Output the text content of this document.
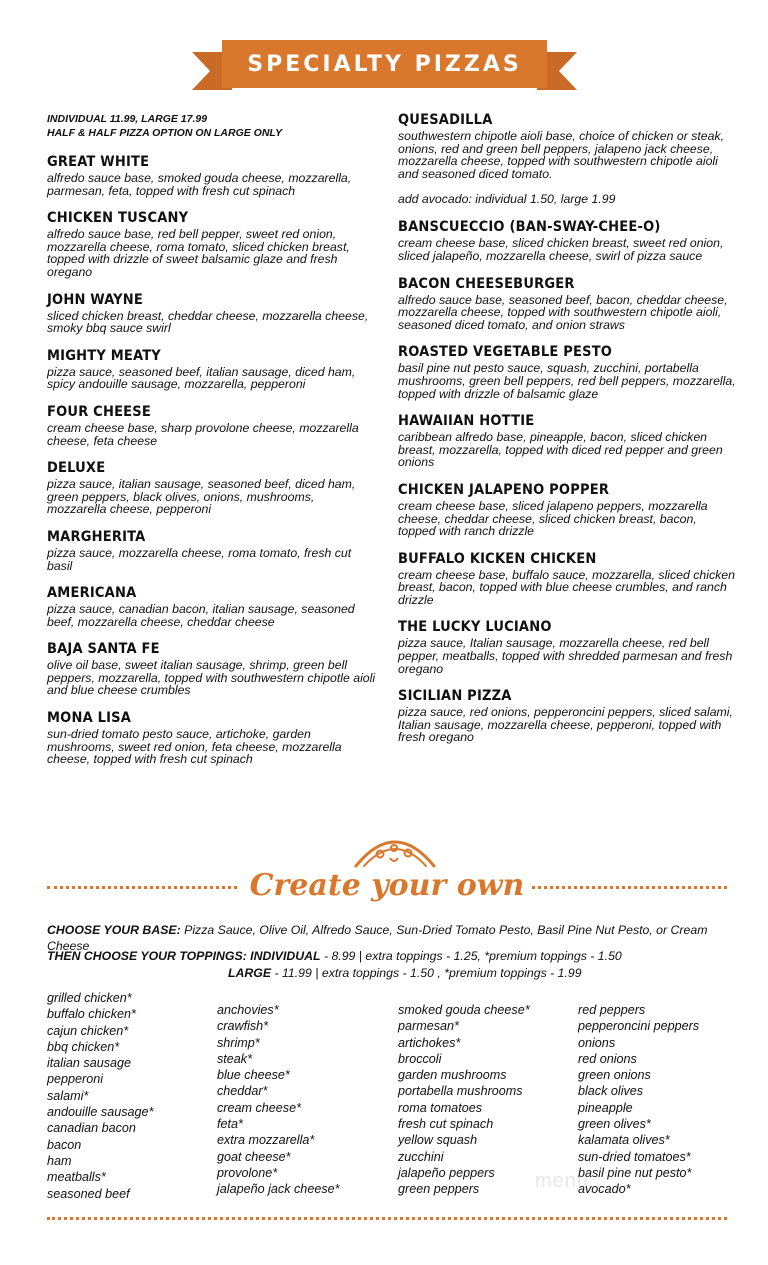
SPECIALTY PIZZAS
INDIVIDUAL 11.99, LARGE 17.99
HALF & HALF PIZZA OPTION ON LARGE ONLY
GREAT WHITE
alfredo sauce base, smoked gouda cheese, mozzarella, parmesan, feta, topped with fresh cut spinach
CHICKEN TUSCANY
alfredo sauce base, red bell pepper, sweet red onion, mozzarella cheese, roma tomato, sliced chicken breast, topped with drizzle of sweet balsamic glaze and fresh oregano
JOHN WAYNE
sliced chicken breast, cheddar cheese, mozzarella cheese, smoky bbq sauce swirl
MIGHTY MEATY
pizza sauce, seasoned beef, italian sausage, diced ham, spicy andouille sausage, mozzarella, pepperoni
FOUR CHEESE
cream cheese base, sharp provolone cheese, mozzarella cheese, feta cheese
DELUXE
pizza sauce, italian sausage, seasoned beef, diced ham, green peppers, black olives, onions, mushrooms, mozzarella cheese, pepperoni
MARGHERITA
pizza sauce, mozzarella cheese, roma tomato, fresh cut basil
AMERICANA
pizza sauce, canadian bacon, italian sausage, seasoned beef, mozzarella cheese, cheddar cheese
BAJA SANTA FE
olive oil base, sweet italian sausage, shrimp, green bell peppers, mozzarella, topped with southwestern chipotle aioli and blue cheese crumbles
MONA LISA
sun-dried tomato pesto sauce, artichoke, garden mushrooms, sweet red onion, feta cheese, mozzarella cheese, topped with fresh cut spinach
QUESADILLA
southwestern chipotle aioli base, choice of chicken or steak, onions, red and green bell peppers, jalapeno jack cheese, mozzarella cheese, topped with southwestern chipotle aioli and seasoned diced tomato.
add avocado: individual 1.50, large 1.99
BANSCUECCIO (BAN-SWAY-CHEE-O)
cream cheese base, sliced chicken breast, sweet red onion, sliced jalapeño, mozzarella cheese, swirl of pizza sauce
BACON CHEESEBURGER
alfredo sauce base, seasoned beef, bacon, cheddar cheese, mozzarella cheese, topped with southwestern chipotle aioli, seasoned diced tomato, and onion straws
ROASTED VEGETABLE PESTO
basil pine nut pesto sauce, squash, zucchini, portabella mushrooms, green bell peppers, red bell peppers, mozzarella, topped with drizzle of balsamic glaze
HAWAIIAN HOTTIE
caribbean alfredo base, pineapple, bacon, sliced chicken breast, mozzarella, topped with diced red pepper and green onions
CHICKEN JALAPENO POPPER
cream cheese base, sliced jalapeno peppers, mozzarella cheese, cheddar cheese, sliced chicken breast, bacon, topped with ranch drizzle
BUFFALO KICKEN CHICKEN
cream cheese base, buffalo sauce, mozzarella, sliced chicken breast, bacon, topped with blue cheese crumbles, and ranch drizzle
THE LUCKY LUCIANO
pizza sauce, Italian sausage, mozzarella cheese, red bell pepper, meatballs, topped with shredded parmesan and fresh oregano
SICILIAN PIZZA
pizza sauce, red onions, pepperoncini peppers, sliced salami, Italian sausage, mozzarella cheese, pepperoni, topped with fresh oregano
Create your own
CHOOSE YOUR BASE: Pizza Sauce, Olive Oil, Alfredo Sauce, Sun-Dried Tomato Pesto, Basil Pine Nut Pesto, or Cream Cheese
THEN CHOOSE YOUR TOPPINGS: INDIVIDUAL - 8.99 | extra toppings - 1.25, *premium toppings - 1.50
LARGE - 11.99 | extra toppings - 1.50 , *premium toppings - 1.99
grilled chicken*
buffalo chicken*
cajun chicken*
bbq chicken*
italian sausage
pepperoni
salami*
andouille sausage*
canadian bacon
bacon
ham
meatballs*
seasoned beef
anchovies*
crawfish*
shrimp*
steak*
blue cheese*
cheddar*
cream cheese*
feta*
extra mozzarella*
goat cheese*
provolone*
jalapeño jack cheese*
smoked gouda cheese*
parmesan*
artichokes*
broccoli
garden mushrooms
portabella mushrooms
roma tomatoes
fresh cut spinach
yellow squash
zucchini
jalapeño peppers
green peppers
red peppers
pepperoncini peppers
onions
red onions
green onions
black olives
pineapple
green olives*
kalamata olives*
sun-dried tomatoes*
basil pine nut pesto*
avocado*
menu
